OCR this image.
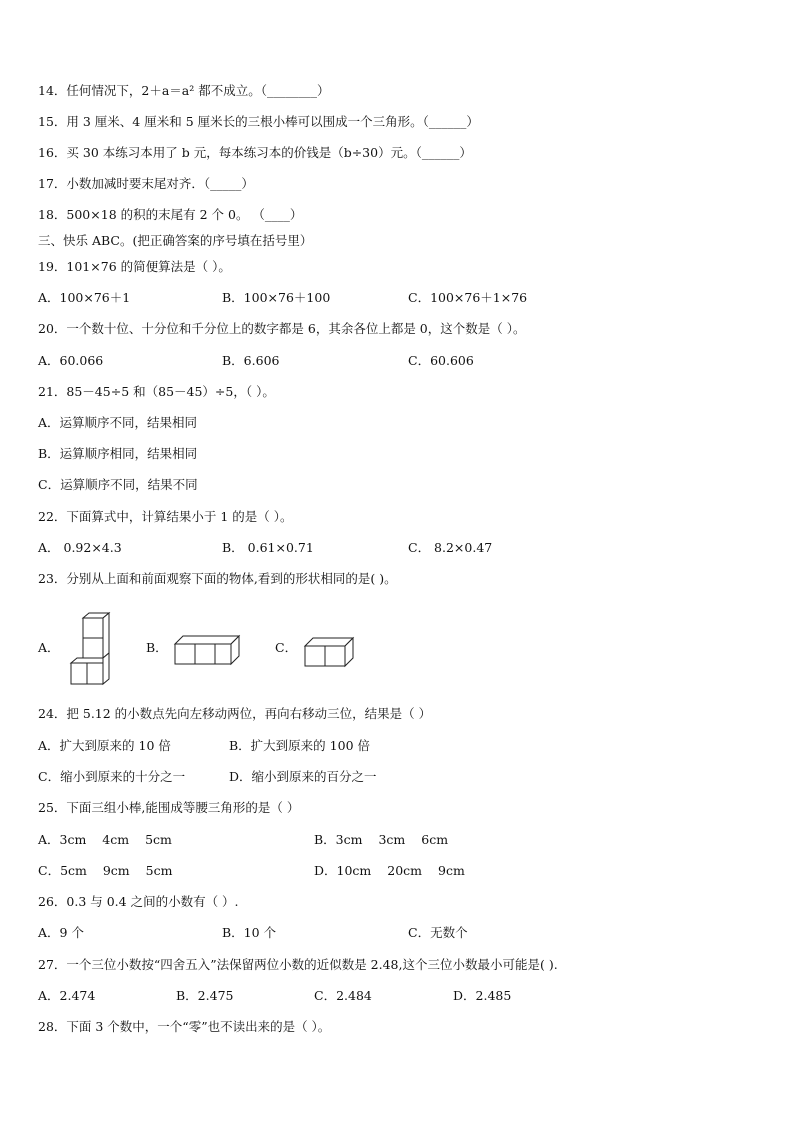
14．任何情况下，2＋a＝a² 都不成立。（________）
15．用 3 厘米、4 厘米和 5 厘米长的三根小棒可以围成一个三角形。（______）
16．买 30 本练习本用了 b 元，每本练习本的价钱是（b÷30）元。（______）
17．小数加减时要末尾对齐．（_____）
18．500×18 的积的末尾有 2 个 0。 （____）
三、快乐 ABC。(把正确答案的序号填在括号里）
19．101×76 的简便算法是（ ）。
A．100×76＋1	B．100×76＋100	C．100×76＋1×76
20．一个数十位、十分位和千分位上的数字都是 6，其余各位上都是 0，这个数是（ ）。
A．60.066	B．6.606	C．60.606
21．85－45÷5 和（85－45）÷5，（ ）。
A．运算顺序不同，结果相同
B．运算顺序相同，结果相同
C．运算顺序不同，结果不同
22．下面算式中，计算结果小于 1 的是（ ）。
A． 0.92×4.3	B． 0.61×0.71	C． 8.2×0.47
23．分别从上面和前面观察下面的物体,看到的形状相同的是( )。
A．	B．	C．
24．把 5.12 的小数点先向左移动两位，再向右移动三位，结果是（ ）
A．扩大到原来的 10 倍	B．扩大到原来的 100 倍
C．缩小到原来的十分之一	D．缩小到原来的百分之一
25．下面三组小棒,能围成等腰三角形的是（ ）
A．3cm 4cm 5cm	B．3cm 3cm 6cm
C．5cm 9cm 5cm	D．10cm 20cm 9cm
26．0.3 与 0.4 之间的小数有（ ）.
A．9 个	B．10 个	C．无数个
27．一个三位小数按“四舍五入”法保留两位小数的近似数是 2.48,这个三位小数最小可能是( ).
A．2.474	B．2.475	C．2.484	D．2.485
28．下面 3 个数中，一个“零”也不读出来的是（ ）。
